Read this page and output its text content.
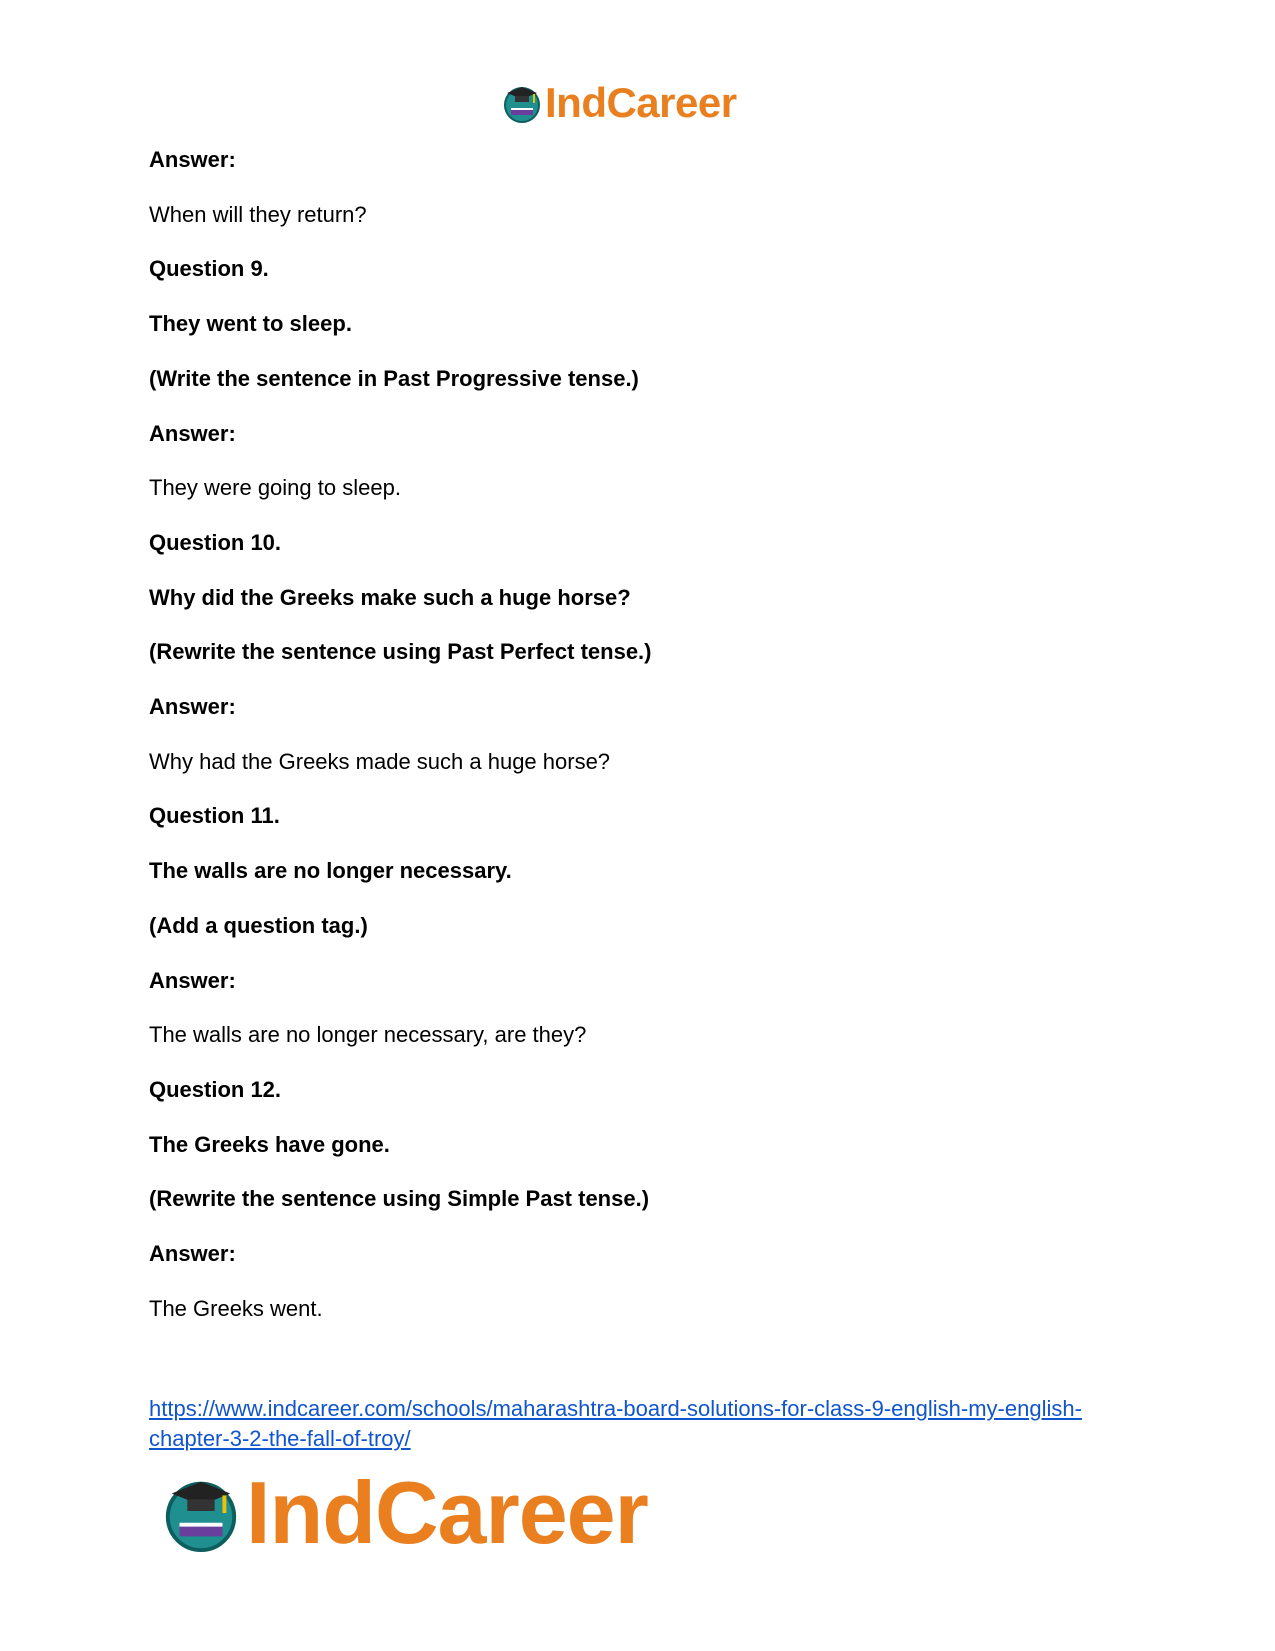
IndCareer
Answer:
When will they return?
Question 9.
They went to sleep.
(Write the sentence in Past Progressive tense.)
Answer:
They were going to sleep.
Question 10.
Why did the Greeks make such a huge horse?
(Rewrite the sentence using Past Perfect tense.)
Answer:
Why had the Greeks made such a huge horse?
Question 11.
The walls are no longer necessary.
(Add a question tag.)
Answer:
The walls are no longer necessary, are they?
Question 12.
The Greeks have gone.
(Rewrite the sentence using Simple Past tense.)
Answer:
The Greeks went.
https://www.indcareer.com/schools/maharashtra-board-solutions-for-class-9-english-my-english-
chapter-3-2-the-fall-of-troy/
IndCareer
